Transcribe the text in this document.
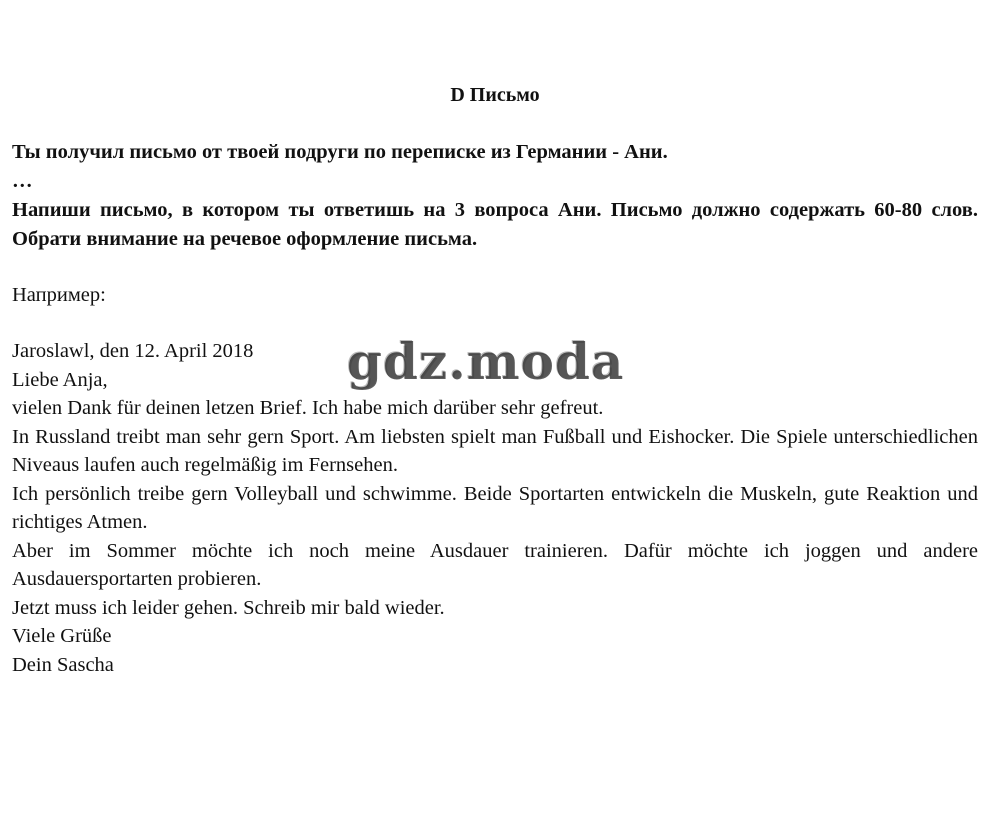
D Письмо
Ты получил письмо от твоей подруги по переписке из Германии - Ани.
…
Напиши письмо, в котором ты ответишь на 3 вопроса Ани. Письмо должно содержать 60-80 слов. Обрати внимание на речевое оформление письма.
Например:
Jaroslawl, den 12. April 2018
Liebe Anja,
vielen Dank für deinen letzen Brief. Ich habe mich darüber sehr gefreut.
In Russland treibt man sehr gern Sport. Am liebsten spielt man Fußball und Eishocker. Die Spiele unterschiedlichen Niveaus laufen auch regelmäßig im Fernsehen.
Ich persönlich treibe gern Volleyball und schwimme. Beide Sportarten entwickeln die Muskeln, gute Reaktion und richtiges Atmen.
Aber im Sommer möchte ich noch meine Ausdauer trainieren. Dafür möchte ich joggen und andere Ausdauersportarten probieren.
Jetzt muss ich leider gehen. Schreib mir bald wieder.
Viele Grüße
Dein Sascha
gdz.moda
